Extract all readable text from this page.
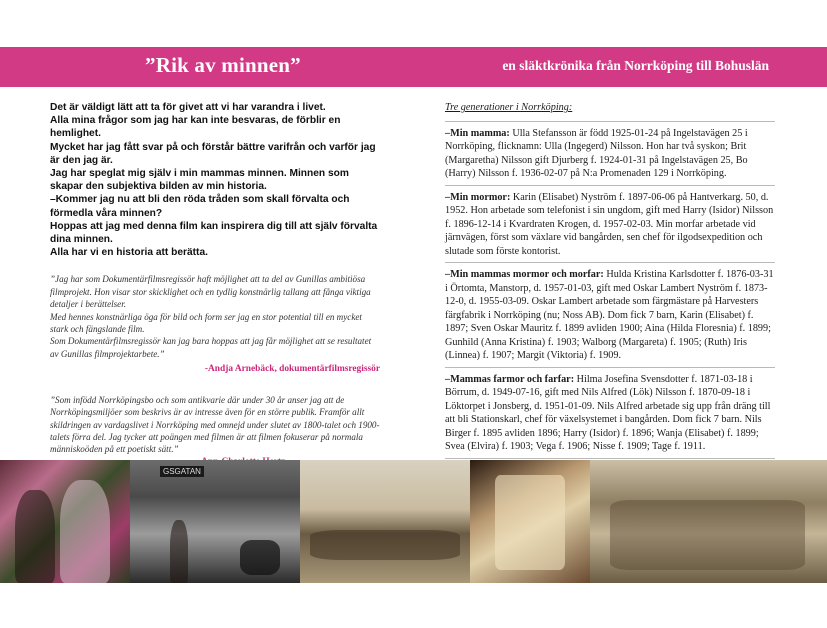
”Rik av minnen”	en släktkrönika från Norrköping till Bohuslän

Det är väldigt lätt att ta för givet att vi har varandra i livet.

Alla mina frågor som jag har kan inte besvaras, de förblir en hemlighet.

Mycket har jag fått svar på och förstår bättre varifrån och varför jag är den jag är.

Jag har speglat mig själv i min mammas minnen. Minnen som skapar den subjektiva bilden av min historia.

–Kommer jag nu att bli den röda tråden som skall förvalta och förmedla våra minnen?

Hoppas att jag med denna film kan inspirera dig till att själv förvalta dina minnen.

Alla har vi en historia att berätta.

”Jag har som Dokumentärfilmsregissör haft möjlighet att ta del av Gunillas ambitiösa filmprojekt. Hon visar stor skicklighet och en tydlig konstnärlig tallang att fånga viktiga detaljer i berättelser.

Med hennes konstnärliga öga för bild och form ser jag en stor potential till en mycket stark och fängslande film.

Som Dokumentärfilmsregissör kan jag bara hoppas att jag får möjlighet att se resultatet av Gunillas filmprojektarbete.”

-Andja Arnebäck, dokumentärfilmsregissör

”Som infödd Norrköpingsbo och som antikvarie där under 30 år anser jag att de Norrköpingsmiljöer som beskrivs är av intresse även för en större publik. Framför allt skildringen av vardagslivet i Norrköping med omnejd under slutet av 1800-talet och 1900-talets förra del. Jag tycker att poängen med filmen är att filmen fokuserar på normala människoöden på ett poetiskt sätt.”

Tre generationer i Norrköping:

–Min mamma: Ulla Stefansson är född 1925-01-24 på Ingelstavägen 25 i Norrköping, flicknamn: Ulla (Ingegerd) Nilsson. Hon har två syskon; Brit (Margaretha) Nilsson gift Djurberg f. 1924-01-31 på Ingelstavägen 25, Bo (Harry) Nilsson f. 1936-02-07 på N:a Promenaden 129 i Norrköping.

–Min mormor: Karin (Elisabet) Nyström f. 1897-06-06 på Hantverkarg. 50, d. 1952. Hon arbetade som telefonist i sin ungdom, gift med Harry (Isidor) Nilsson f. 1896-12-14 i Kvardraten Krogen, d. 1957-02-03. Min morfar arbetade vid järnvägen, först som växlare vid bangården, sen chef för ilgodsexpedition och slutade som förste kontorist.

–Min mammas mormor och morfar: Hulda Kristina Karlsdotter f. 1876-03-31 i Örtomta, Manstorp, d. 1957-01-03, gift med Oskar Lambert Nyström f. 1873-12-0, d. 1955-03-09. Oskar Lambert arbetade som färgmästare på Harvesters färgfabrik i Norrköping (nu; Noss AB). Dom fick 7 barn, Karin (Elisabet) f. 1897; Sven Oskar Mauritz f. 1899 avliden 1900; Aina (Hilda Floresnia) f. 1899; Gunhild (Anna Kristina) f. 1903; Walborg (Margareta) f. 1905; (Ruth) Iris (Linnea) f. 1907; Margit (Viktoria) f. 1909.

–Mammas farmor och farfar: Hilma Josefina Svensdotter f. 1871-03-18 i Börrum, d. 1949-07-16, gift med Nils Alfred (Lök) Nilsson f. 1870-09-18 i Löktorpet i Jonsberg, d. 1951-01-09. Nils Alfred arbetade sig upp från dräng till att bli Stationskarl, chef för växelsystemet i bangården. Dom fick 7 barn. Nils Birger f. 1895 avliden 1896; Harry (Isidor) f. 1896; Wanja (Elisabet) f. 1899; Svea (Elvira) f. 1903; Vega f. 1906; Nisse f. 1909; Tage f. 1911.

GSGATAN
